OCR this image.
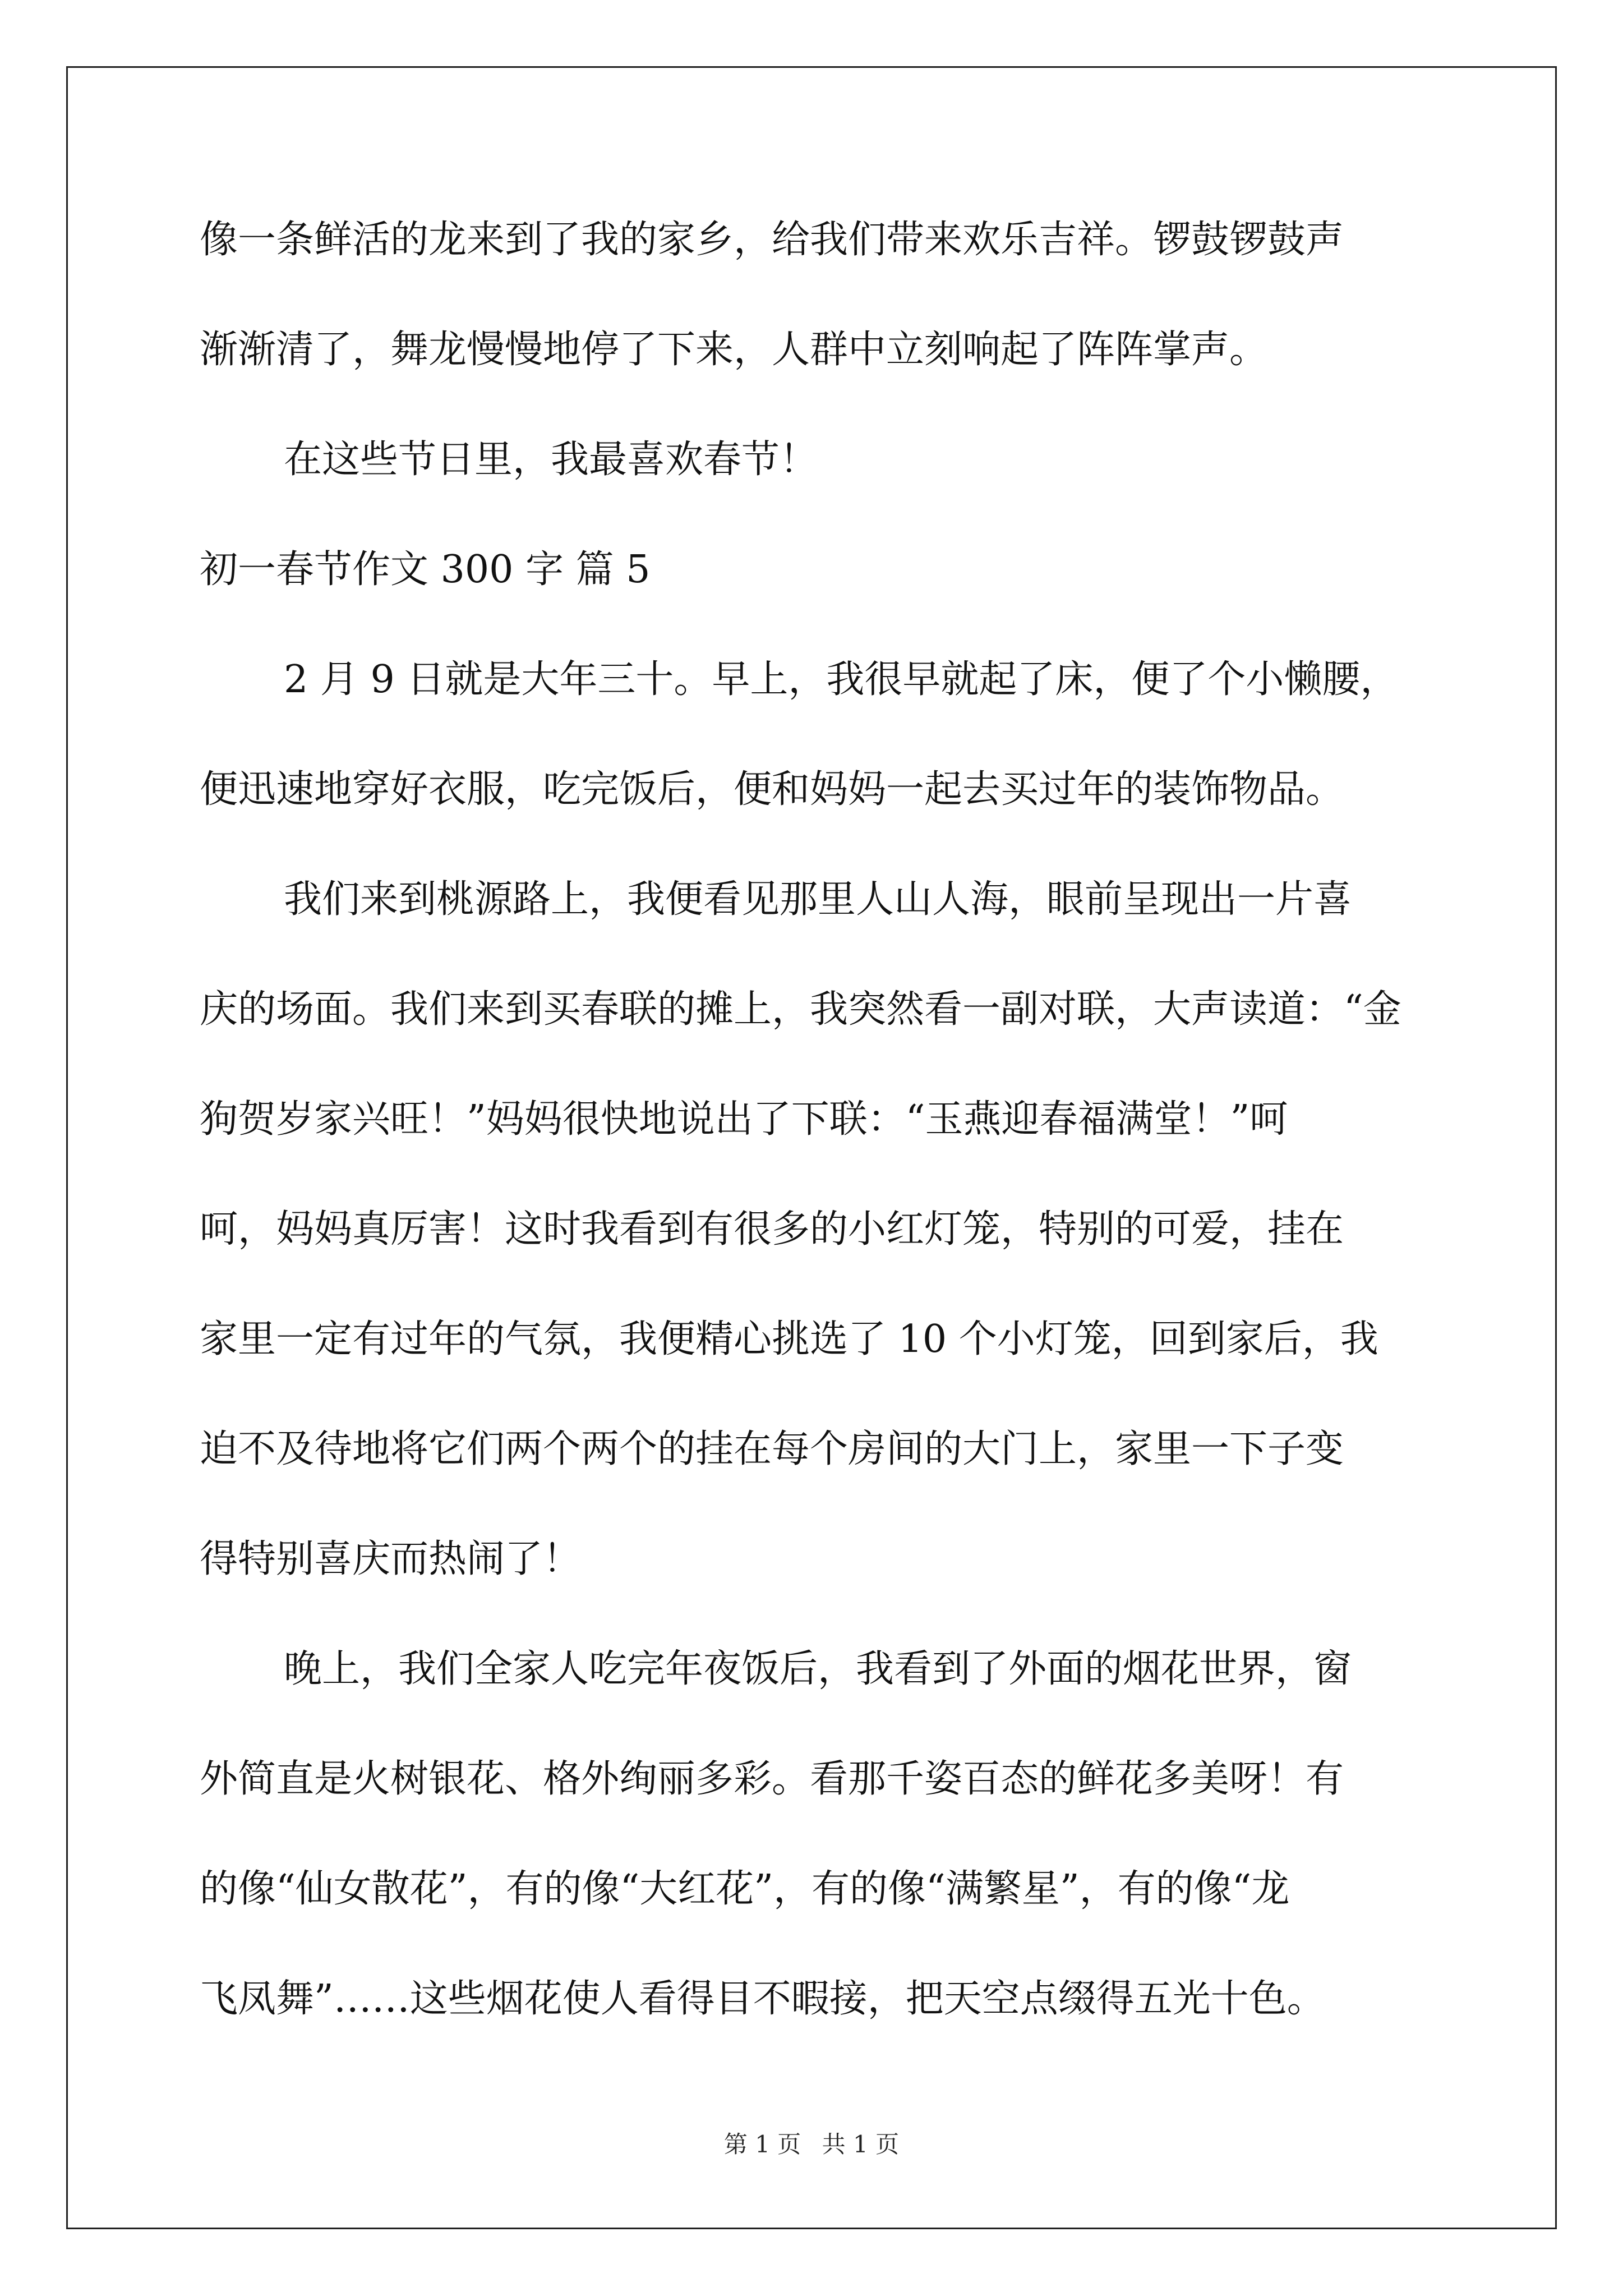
像一条鲜活的龙来到了我的家乡，给我们带来欢乐吉祥。锣鼓锣鼓声
渐渐清了，舞龙慢慢地停了下来，人群中立刻响起了阵阵掌声。
在这些节日里，我最喜欢春节！
初一春节作文 300 字 篇 5
2 月 9 日就是大年三十。早上，我很早就起了床，便了个小懒腰，
便迅速地穿好衣服，吃完饭后，便和妈妈一起去买过年的装饰物品。
我们来到桃源路上，我便看见那里人山人海，眼前呈现出一片喜
庆的场面。我们来到买春联的摊上，我突然看一副对联，大声读道：“金
狗贺岁家兴旺！”妈妈很快地说出了下联：“玉燕迎春福满堂！”呵
呵，妈妈真厉害！这时我看到有很多的小红灯笼，特别的可爱，挂在
家里一定有过年的气氛，我便精心挑选了 10 个小灯笼，回到家后，我
迫不及待地将它们两个两个的挂在每个房间的大门上，家里一下子变
得特别喜庆而热闹了！
晚上，我们全家人吃完年夜饭后，我看到了外面的烟花世界，窗
外简直是火树银花、格外绚丽多彩。看那千姿百态的鲜花多美呀！有
的像“仙女散花”，有的像“大红花”，有的像“满繁星”，有的像“龙
飞凤舞”……这些烟花使人看得目不暇接，把天空点缀得五光十色。
第 1 页 共 1 页
